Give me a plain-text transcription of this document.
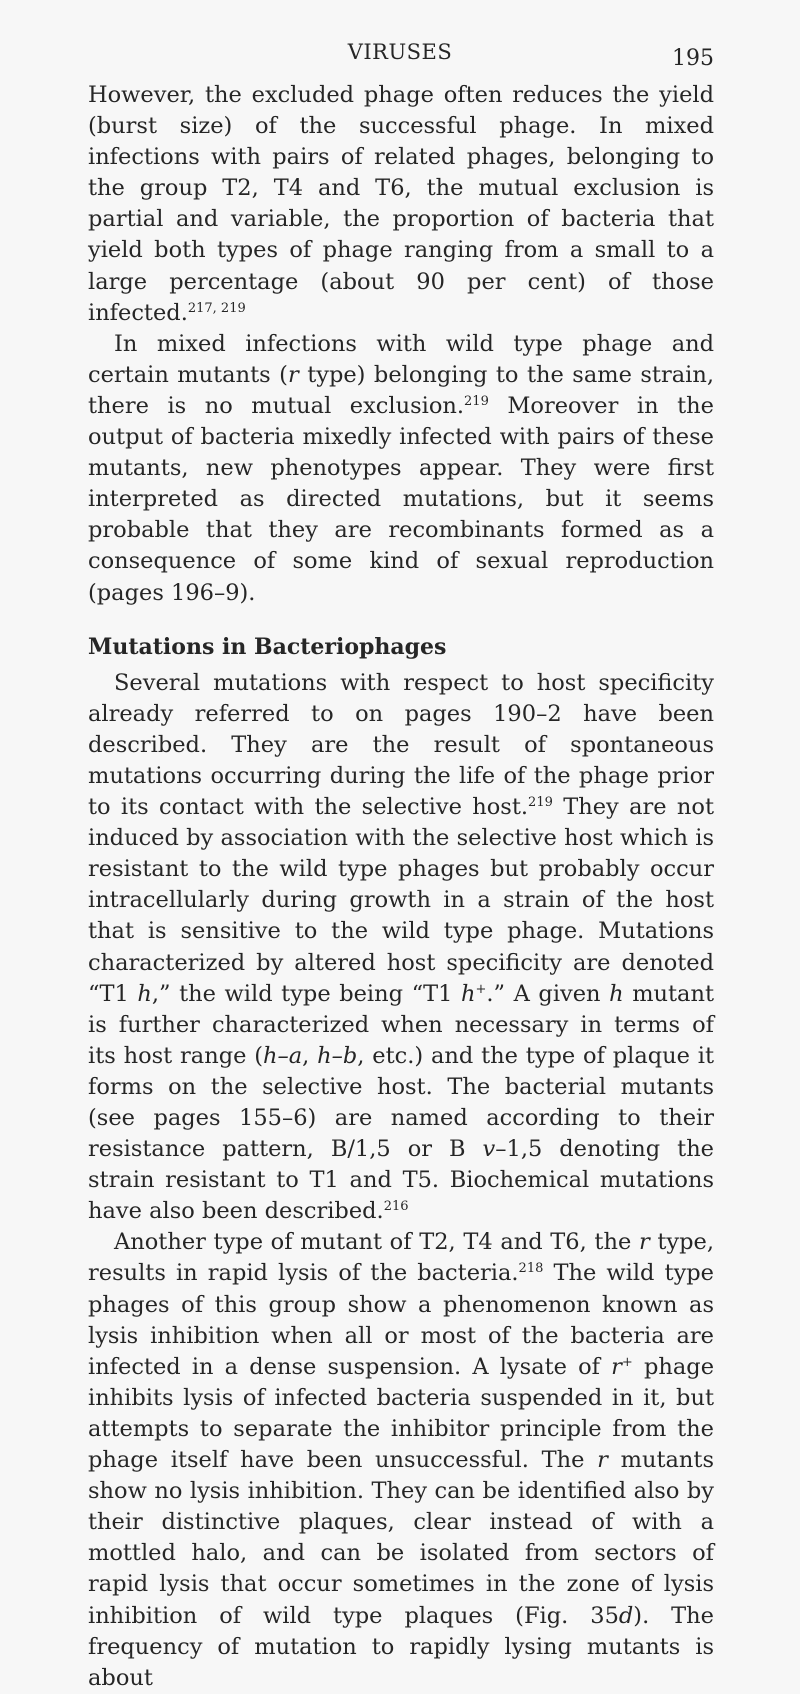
VIRUSES	195

However, the excluded phage often reduces the yield (burst size) of the successful phage. In mixed infections with pairs of related phages, belonging to the group T2, T4 and T6, the mutual exclusion is partial and variable, the proportion of bacteria that yield both types of phage ranging from a small to a large percentage (about 90 per cent) of those infected.$^{217, 219}$

In mixed infections with wild type phage and certain mutants (r type) belonging to the same strain, there is no mutual exclusion.$^{219}$ Moreover in the output of bacteria mixedly infected with pairs of these mutants, new phenotypes appear. They were first interpreted as directed mutations, but it seems probable that they are recombinants formed as a consequence of some kind of sexual reproduction (pages 196–9).

Mutations in Bacteriophages

Several mutations with respect to host specificity already referred to on pages 190–2 have been described. They are the result of spontaneous mutations occurring during the life of the phage prior to its contact with the selective host.$^{219}$ They are not induced by association with the selective host which is resistant to the wild type phages but probably occur intracellularly during growth in a strain of the host that is sensitive to the wild type phage. Mutations characterized by altered host specificity are denoted “T1 h,” the wild type being “T1 h+.” A given h mutant is further characterized when necessary in terms of its host range (h–a, h–b, etc.) and the type of plaque it forms on the selective host. The bacterial mutants (see pages 155–6) are named according to their resistance pattern, B/1,5 or B v–1,5 denoting the strain resistant to T1 and T5. Biochemical mutations have also been described.$^{216}$

Another type of mutant of T2, T4 and T6, the r type, results in rapid lysis of the bacteria.$^{218}$ The wild type phages of this group show a phenomenon known as lysis inhibition when all or most of the bacteria are infected in a dense suspension. A lysate of r+ phage inhibits lysis of infected bacteria suspended in it, but attempts to separate the inhibitor principle from the phage itself have been unsuccessful. The r mutants show no lysis inhibition. They can be identified also by their distinctive plaques, clear instead of with a mottled halo, and can be isolated from sectors of rapid lysis that occur sometimes in the zone of lysis inhibition of wild type plaques (Fig. 35d). The frequency of mutation to rapidly lysing mutants is about
